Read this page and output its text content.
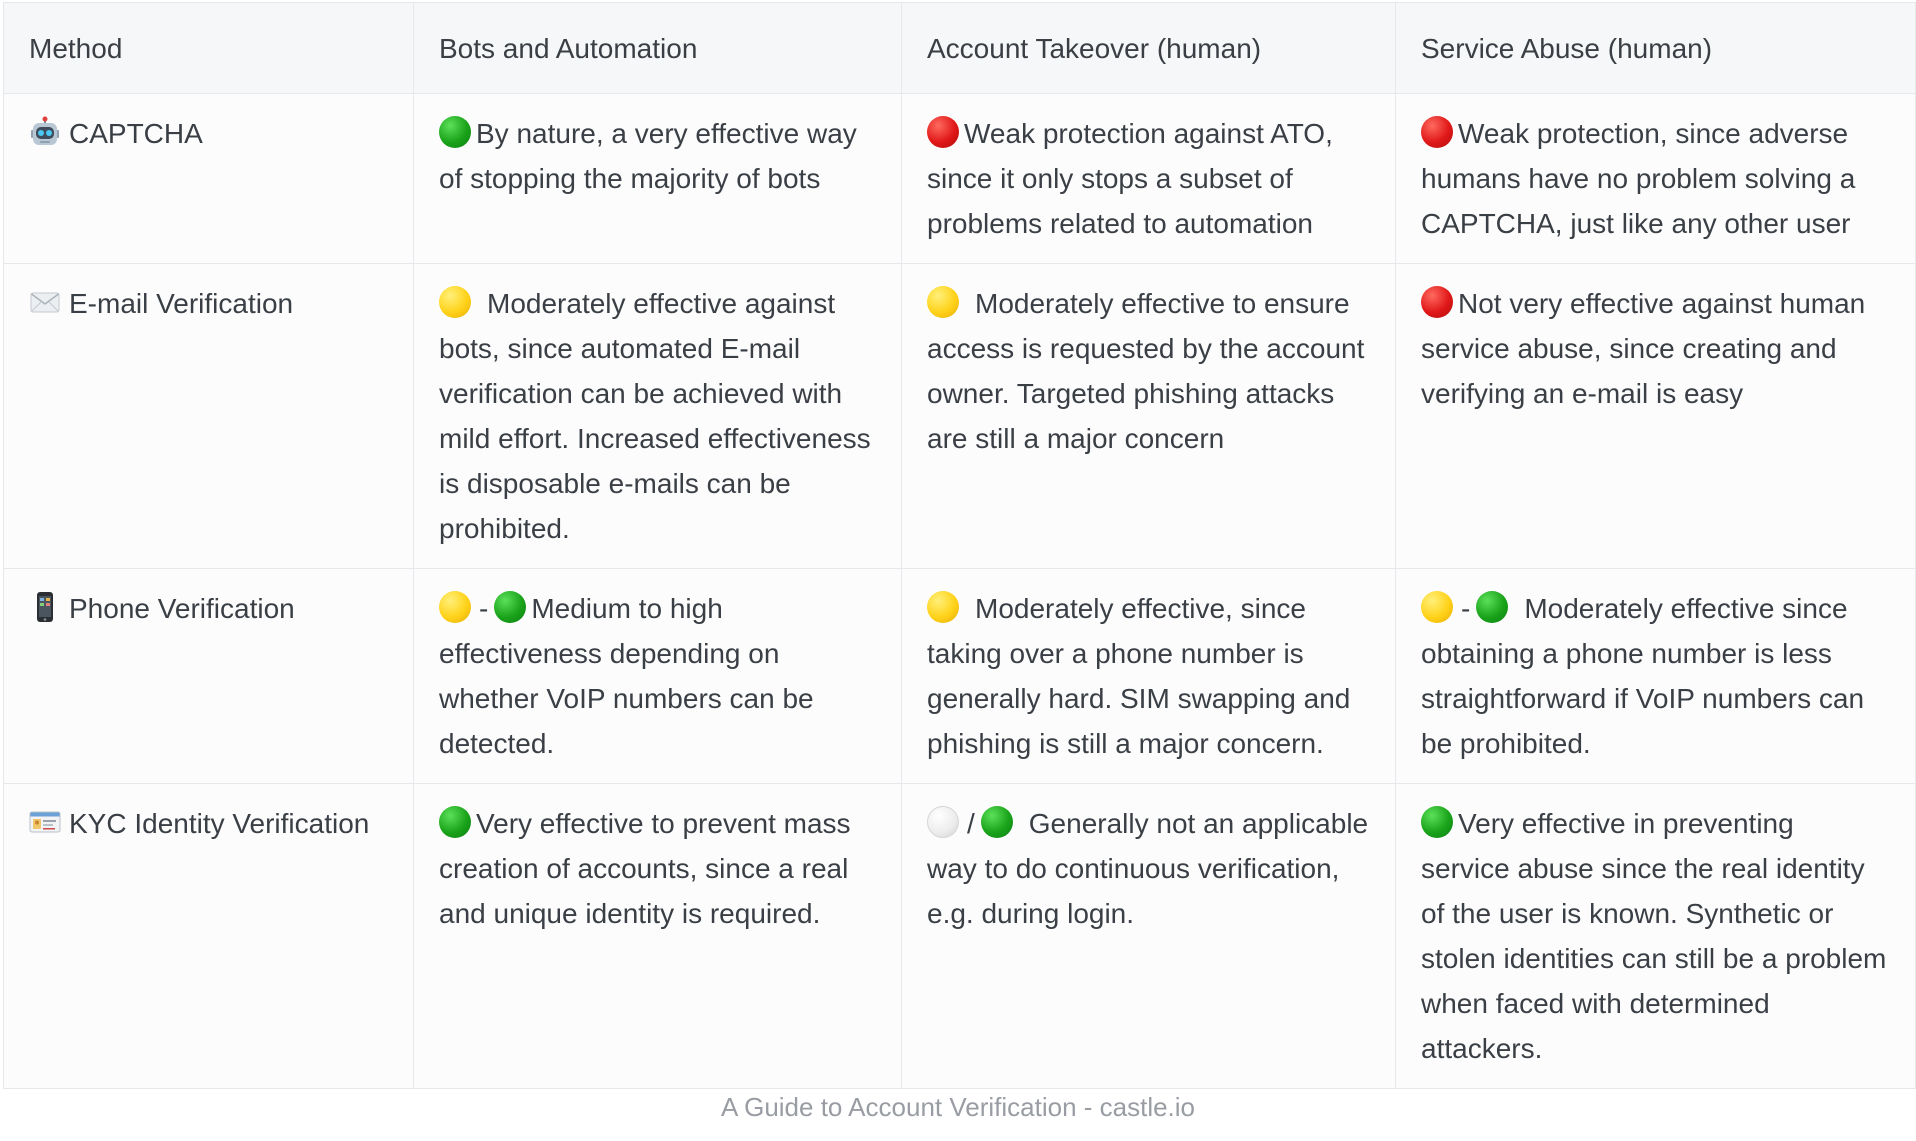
Method	Bots and Automation	Account Takeover (human)	Service Abuse (human)
CAPTCHA	By nature, a very effective way of stopping the majority of bots	Weak protection against ATO, since it only stops a subset of problems related to automation	Weak protection, since adverse humans have no problem solving a CAPTCHA, just like any other user
E-mail Verification	Moderately effective against bots, since automated E-mail verification can be achieved with mild effort. Increased effectiveness is disposable e-mails can be prohibited.	Moderately effective to ensure access is requested by the account owner. Targeted phishing attacks are still a major concern	Not very effective against human service abuse, since creating and verifying an e-mail is easy
Phone Verification	- Medium to high effectiveness depending on whether VoIP numbers can be detected.	Moderately effective, since taking over a phone number is generally hard. SIM swapping and phishing is still a major concern.	- Moderately effective since obtaining a phone number is less straightforward if VoIP numbers can be prohibited.
KYC Identity Verification	Very effective to prevent mass creation of accounts, since a real and unique identity is required.	/ Generally not an applicable way to do continuous verification, e.g. during login.	Very effective in preventing service abuse since the real identity of the user is known. Synthetic or stolen identities can still be a problem when faced with determined attackers.
A Guide to Account Verification - castle.io
